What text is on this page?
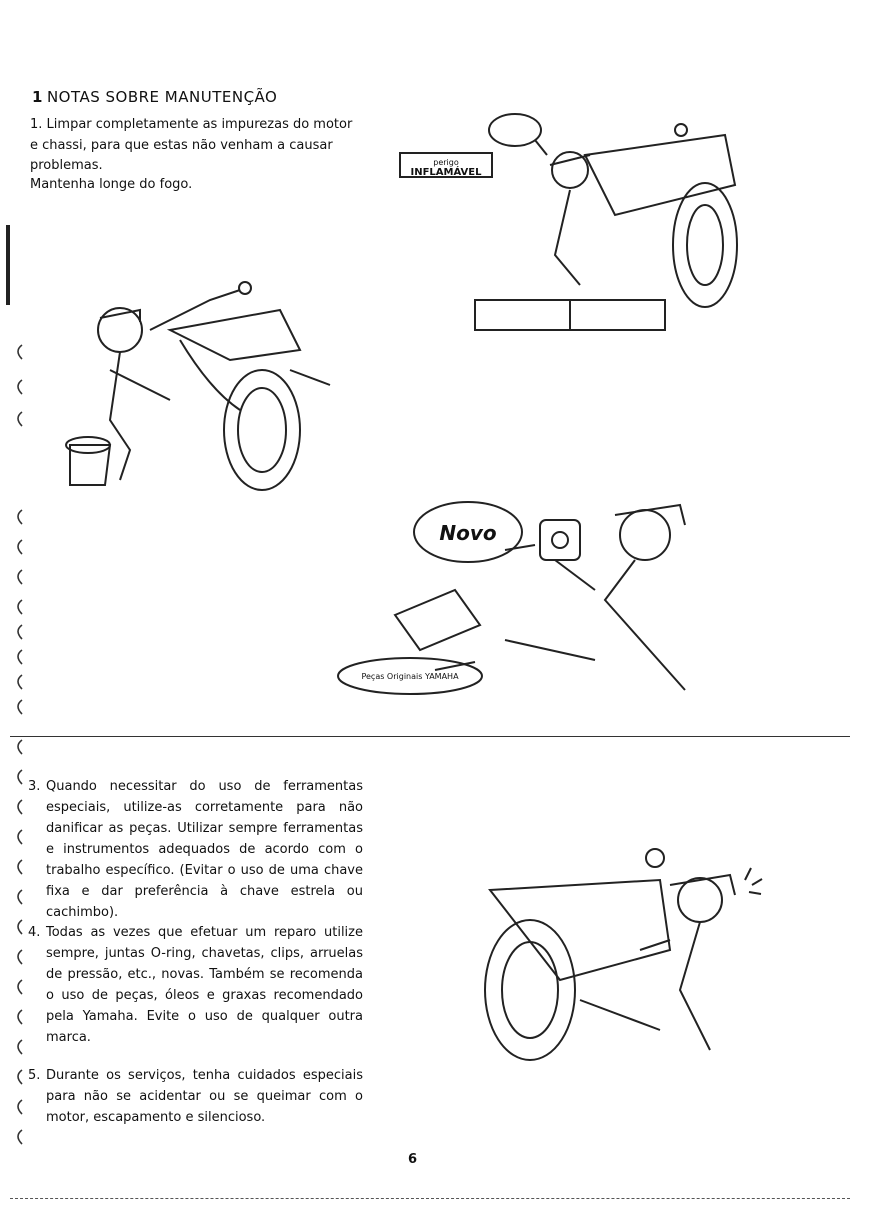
1 NOTAS SOBRE MANUTENÇÃO
1. Limpar completamente as impurezas do motor e chassi, para que estas não venham a causar problemas.
Mantenha longe do fogo.
perigo
INFLAMÁVEL
Novo
Peças Originais YAMAHA
3. Quando necessitar do uso de ferramentas especiais, utilize-as corretamente para não danificar as peças. Utilizar sempre ferramentas e instrumentos adequados de acordo com o trabalho específico. (Evitar o uso de uma chave fixa e dar preferência à chave estrela ou cachimbo).
4. Todas as vezes que efetuar um reparo utilize sempre, juntas O-ring, chavetas, clips, arruelas de pressão, etc., novas. Também se recomenda o uso de peças, óleos e graxas recomendado pela Yamaha. Evite o uso de qualquer outra marca.
5. Durante os serviços, tenha cuidados especiais para não se acidentar ou se queimar com o motor, escapamento e silencioso.
6
